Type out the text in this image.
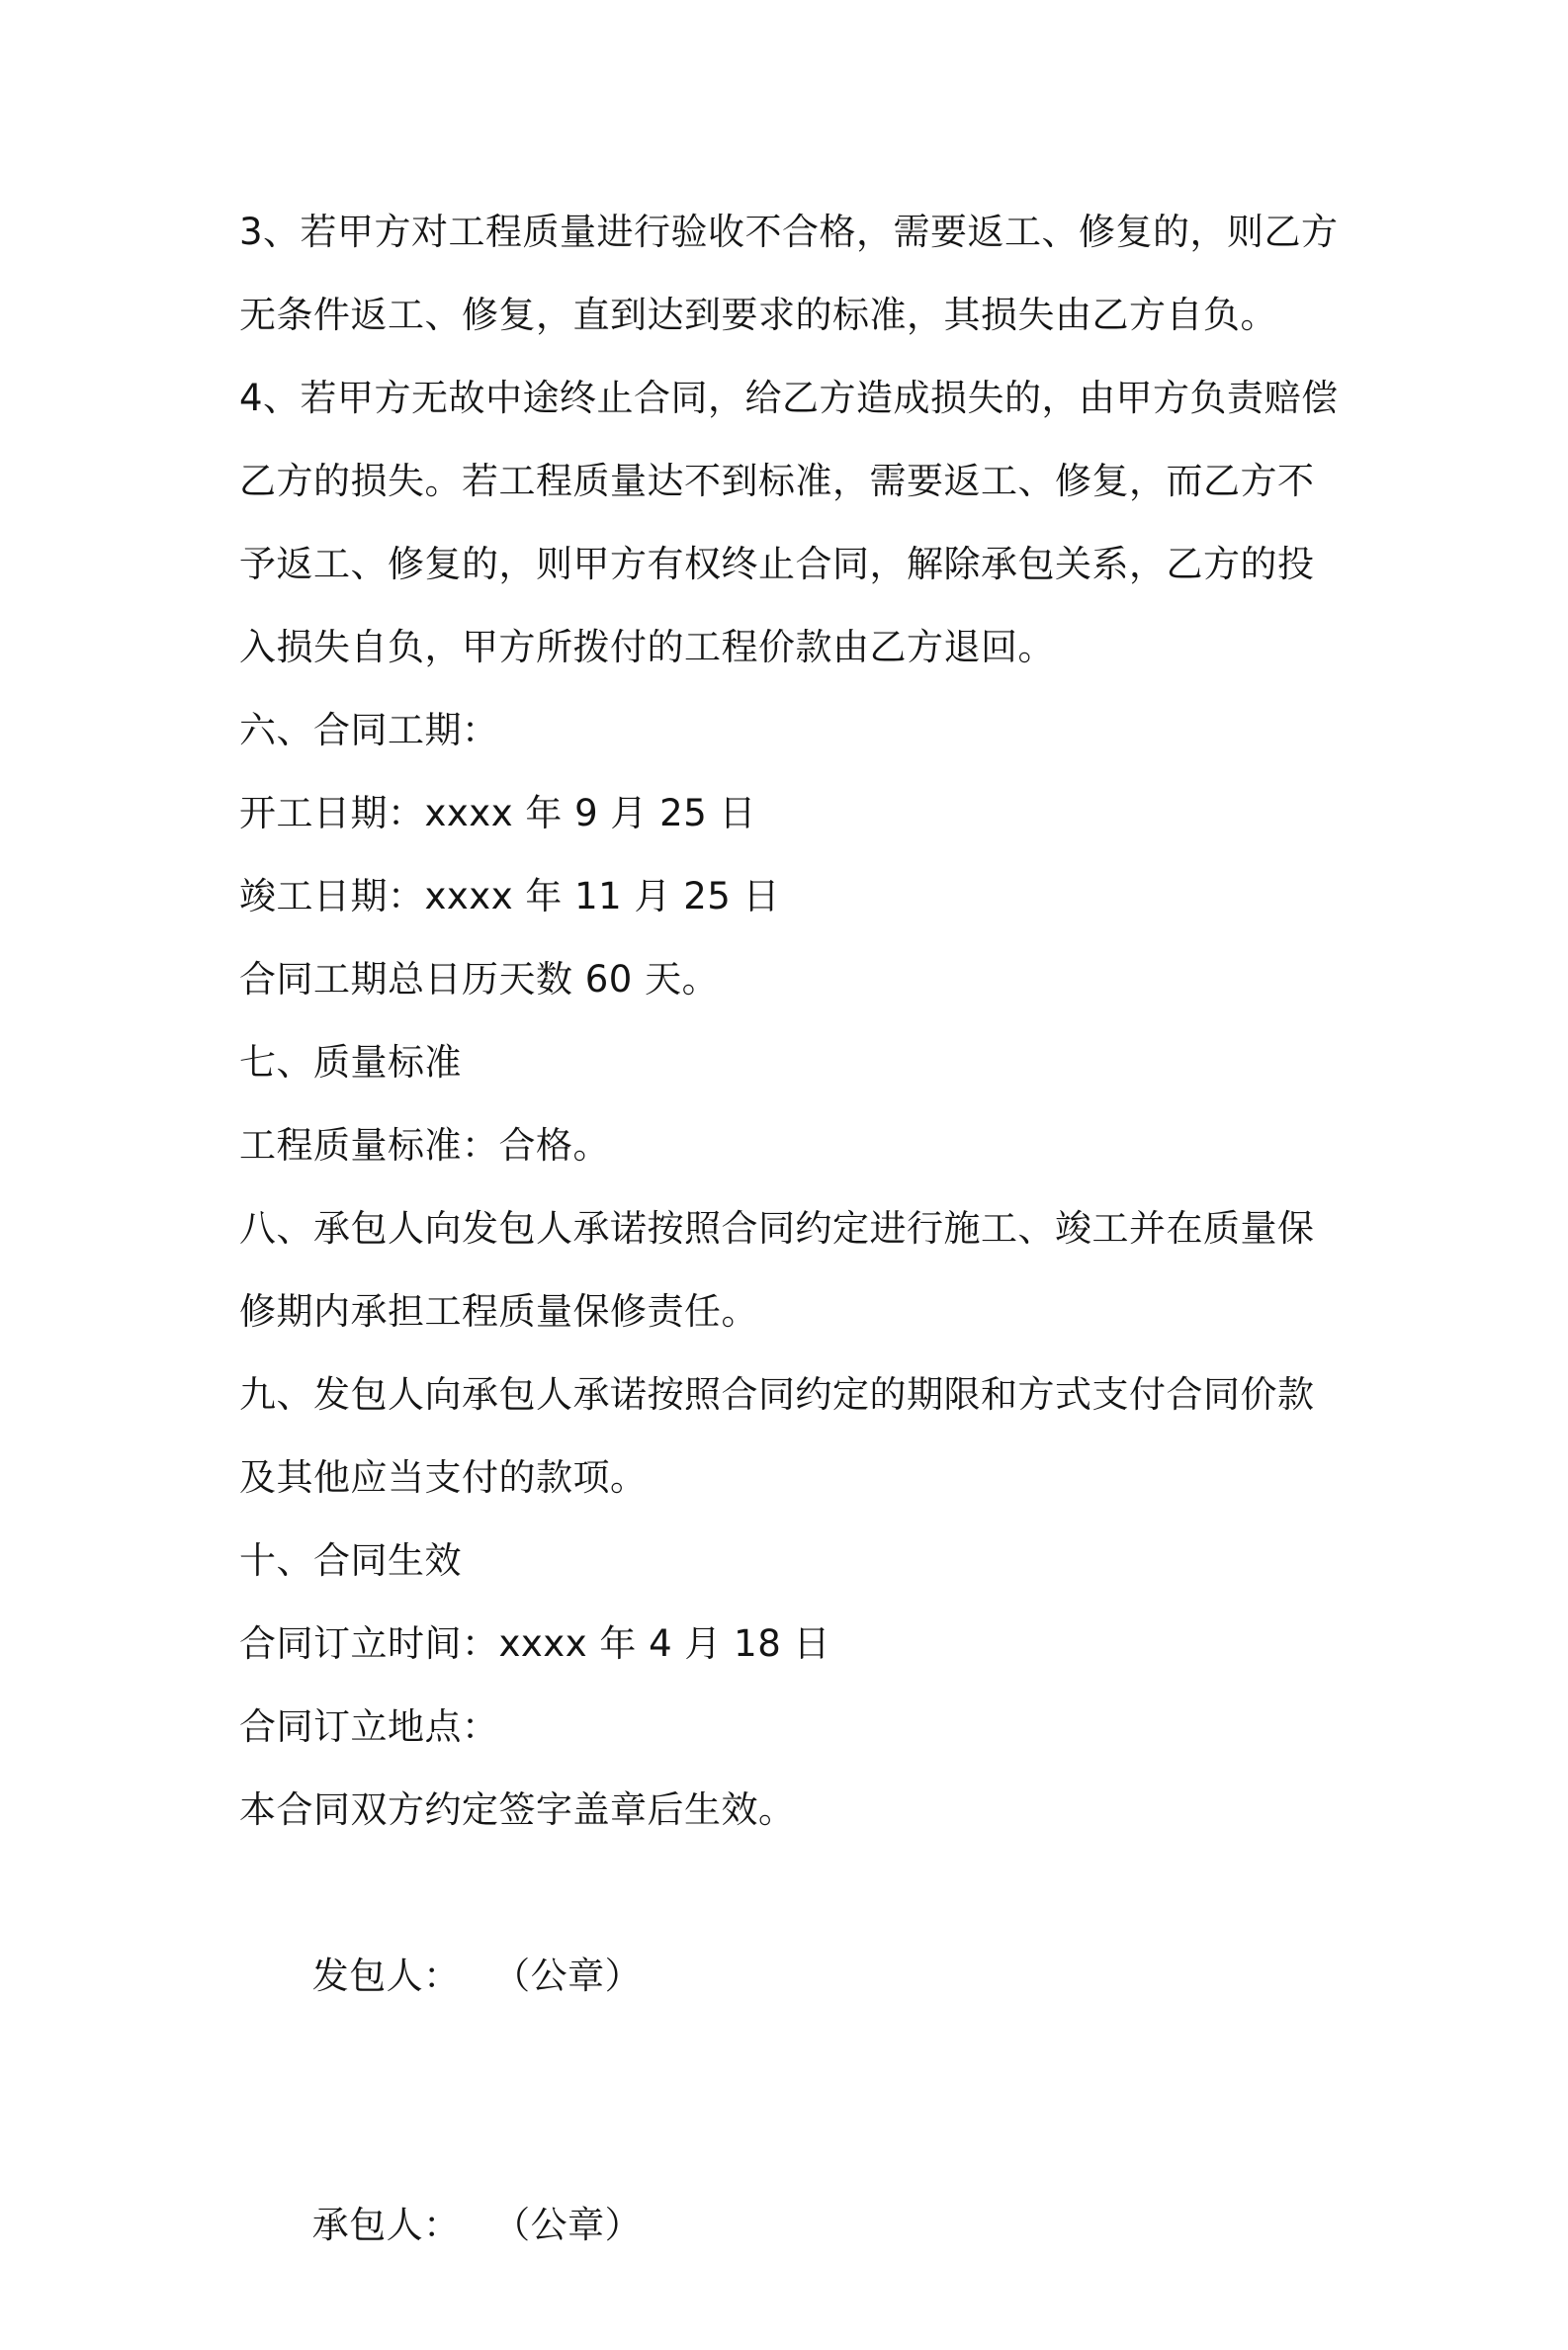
3、若甲方对工程质量进行验收不合格，需要返工、修复的，则乙方无条件返工、修复，直到达到要求的标准，其损失由乙方自负。

4、若甲方无故中途终止合同，给乙方造成损失的，由甲方负责赔偿乙方的损失。若工程质量达不到标准，需要返工、修复，而乙方不予返工、修复的，则甲方有权终止合同，解除承包关系，乙方的投入损失自负，甲方所拨付的工程价款由乙方退回。

六、合同工期：

开工日期：xxxx 年 9 月 25 日

竣工日期：xxxx 年 11 月 25 日

合同工期总日历天数 60 天。

七、质量标准

工程质量标准：合格。

八、承包人向发包人承诺按照合同约定进行施工、竣工并在质量保修期内承担工程质量保修责任。

九、发包人向承包人承诺按照合同约定的期限和方式支付合同价款及其他应当支付的款项。

十、合同生效

合同订立时间：xxxx 年 4 月 18 日

合同订立地点：

本合同双方约定签字盖章后生效。

发包人： （公章）

承包人： （公章）
